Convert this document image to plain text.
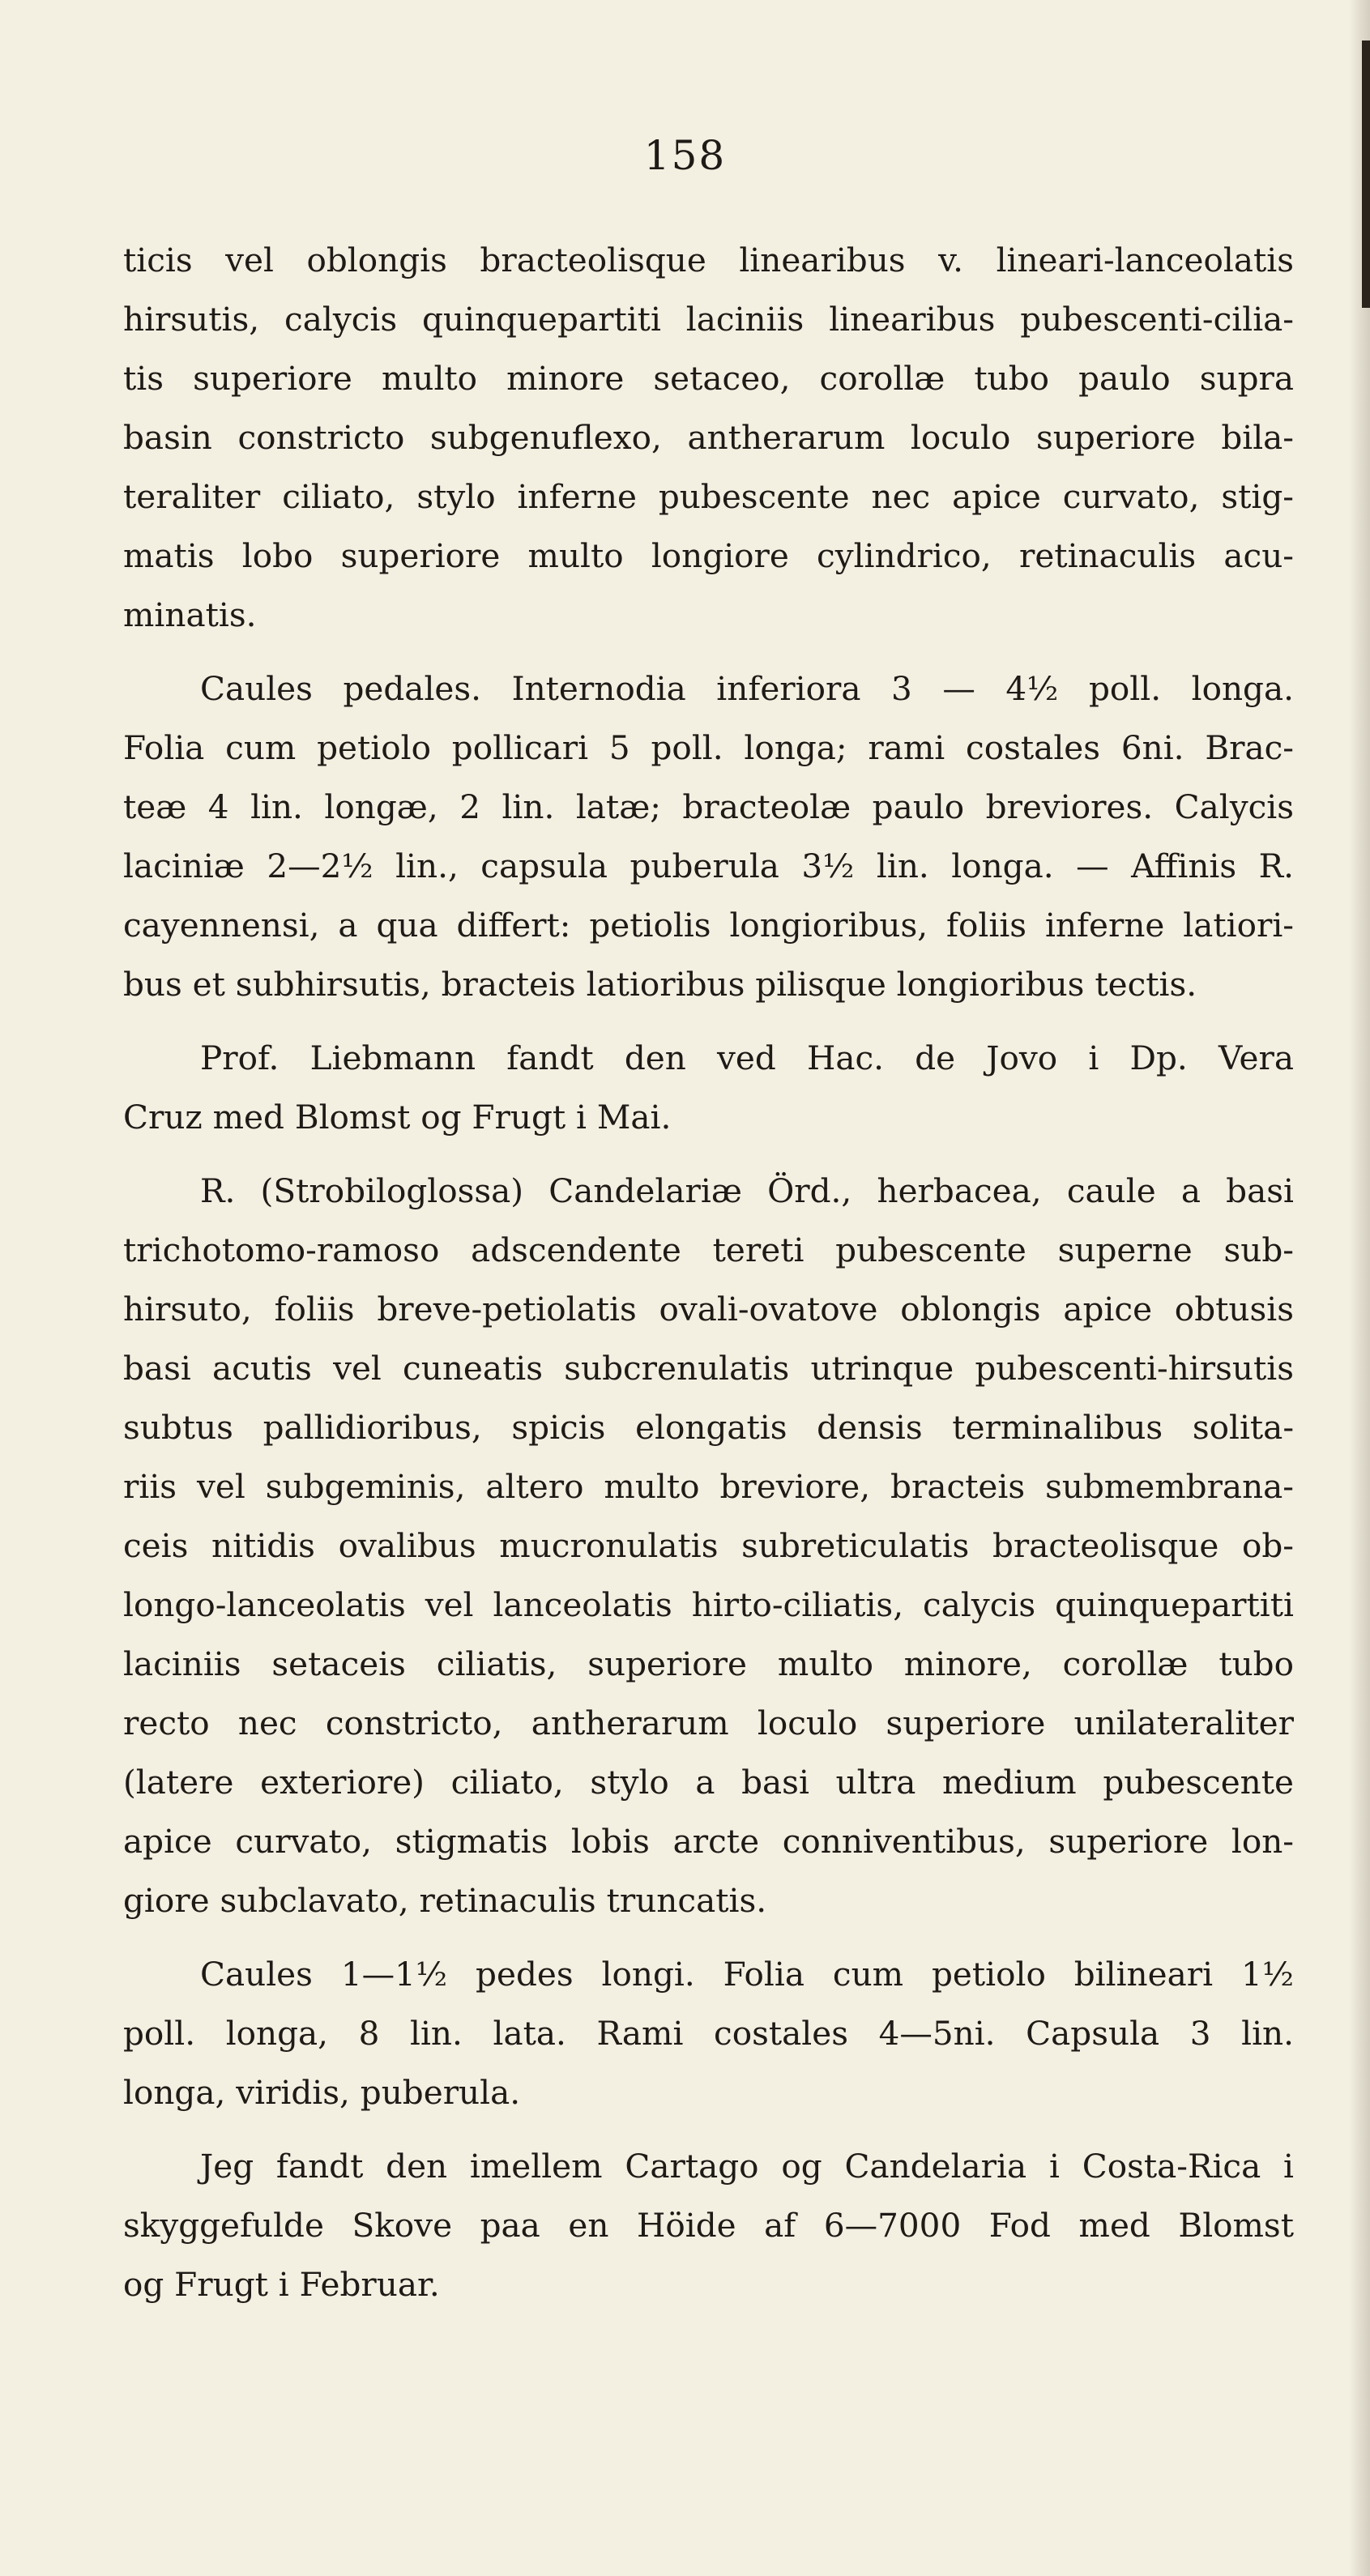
158

ticis vel oblongis bracteolisque linearibus v. lineari-lanceolatis
hirsutis, calycis quinquepartiti laciniis linearibus pubescenti-cilia-
tis superiore multo minore setaceo, corollæ tubo paulo supra
basin constricto subgenuflexo, antherarum loculo superiore bila-
teraliter ciliato, stylo inferne pubescente nec apice curvato, stig-
matis lobo superiore multo longiore cylindrico, retinaculis acu-
minatis.

Caules pedales. Internodia inferiora 3 — 4½ poll. longa.
Folia cum petiolo pollicari 5 poll. longa; rami costales 6ni. Brac-
teæ 4 lin. longæ, 2 lin. latæ; bracteolæ paulo breviores. Calycis
laciniæ 2—2½ lin., capsula puberula 3½ lin. longa. — Affinis R.
cayennensi, a qua differt: petiolis longioribus, foliis inferne latiori-
bus et subhirsutis, bracteis latioribus pilisque longioribus tectis.

Prof. Liebmann fandt den ved Hac. de Jovo i Dp. Vera
Cruz med Blomst og Frugt i Mai.

R. (Strobiloglossa) Candelariæ Örd., herbacea, caule a basi
trichotomo-ramoso adscendente tereti pubescente superne sub-
hirsuto, foliis breve-petiolatis ovali-ovatove oblongis apice obtusis
basi acutis vel cuneatis subcrenulatis utrinque pubescenti-hirsutis
subtus pallidioribus, spicis elongatis densis terminalibus solita-
riis vel subgeminis, altero multo breviore, bracteis submembrana-
ceis nitidis ovalibus mucronulatis subreticulatis bracteolisque ob-
longo-lanceolatis vel lanceolatis hirto-ciliatis, calycis quinquepartiti
laciniis setaceis ciliatis, superiore multo minore, corollæ tubo
recto nec constricto, antherarum loculo superiore unilateraliter
(latere exteriore) ciliato, stylo a basi ultra medium pubescente
apice curvato, stigmatis lobis arcte conniventibus, superiore lon-
giore subclavato, retinaculis truncatis.

Caules 1—1½ pedes longi. Folia cum petiolo bilineari 1½
poll. longa, 8 lin. lata. Rami costales 4—5ni. Capsula 3 lin.
longa, viridis, puberula.

Jeg fandt den imellem Cartago og Candelaria i Costa-Rica i
skyggefulde Skove paa en Höide af 6—7000 Fod med Blomst
og Frugt i Februar.
